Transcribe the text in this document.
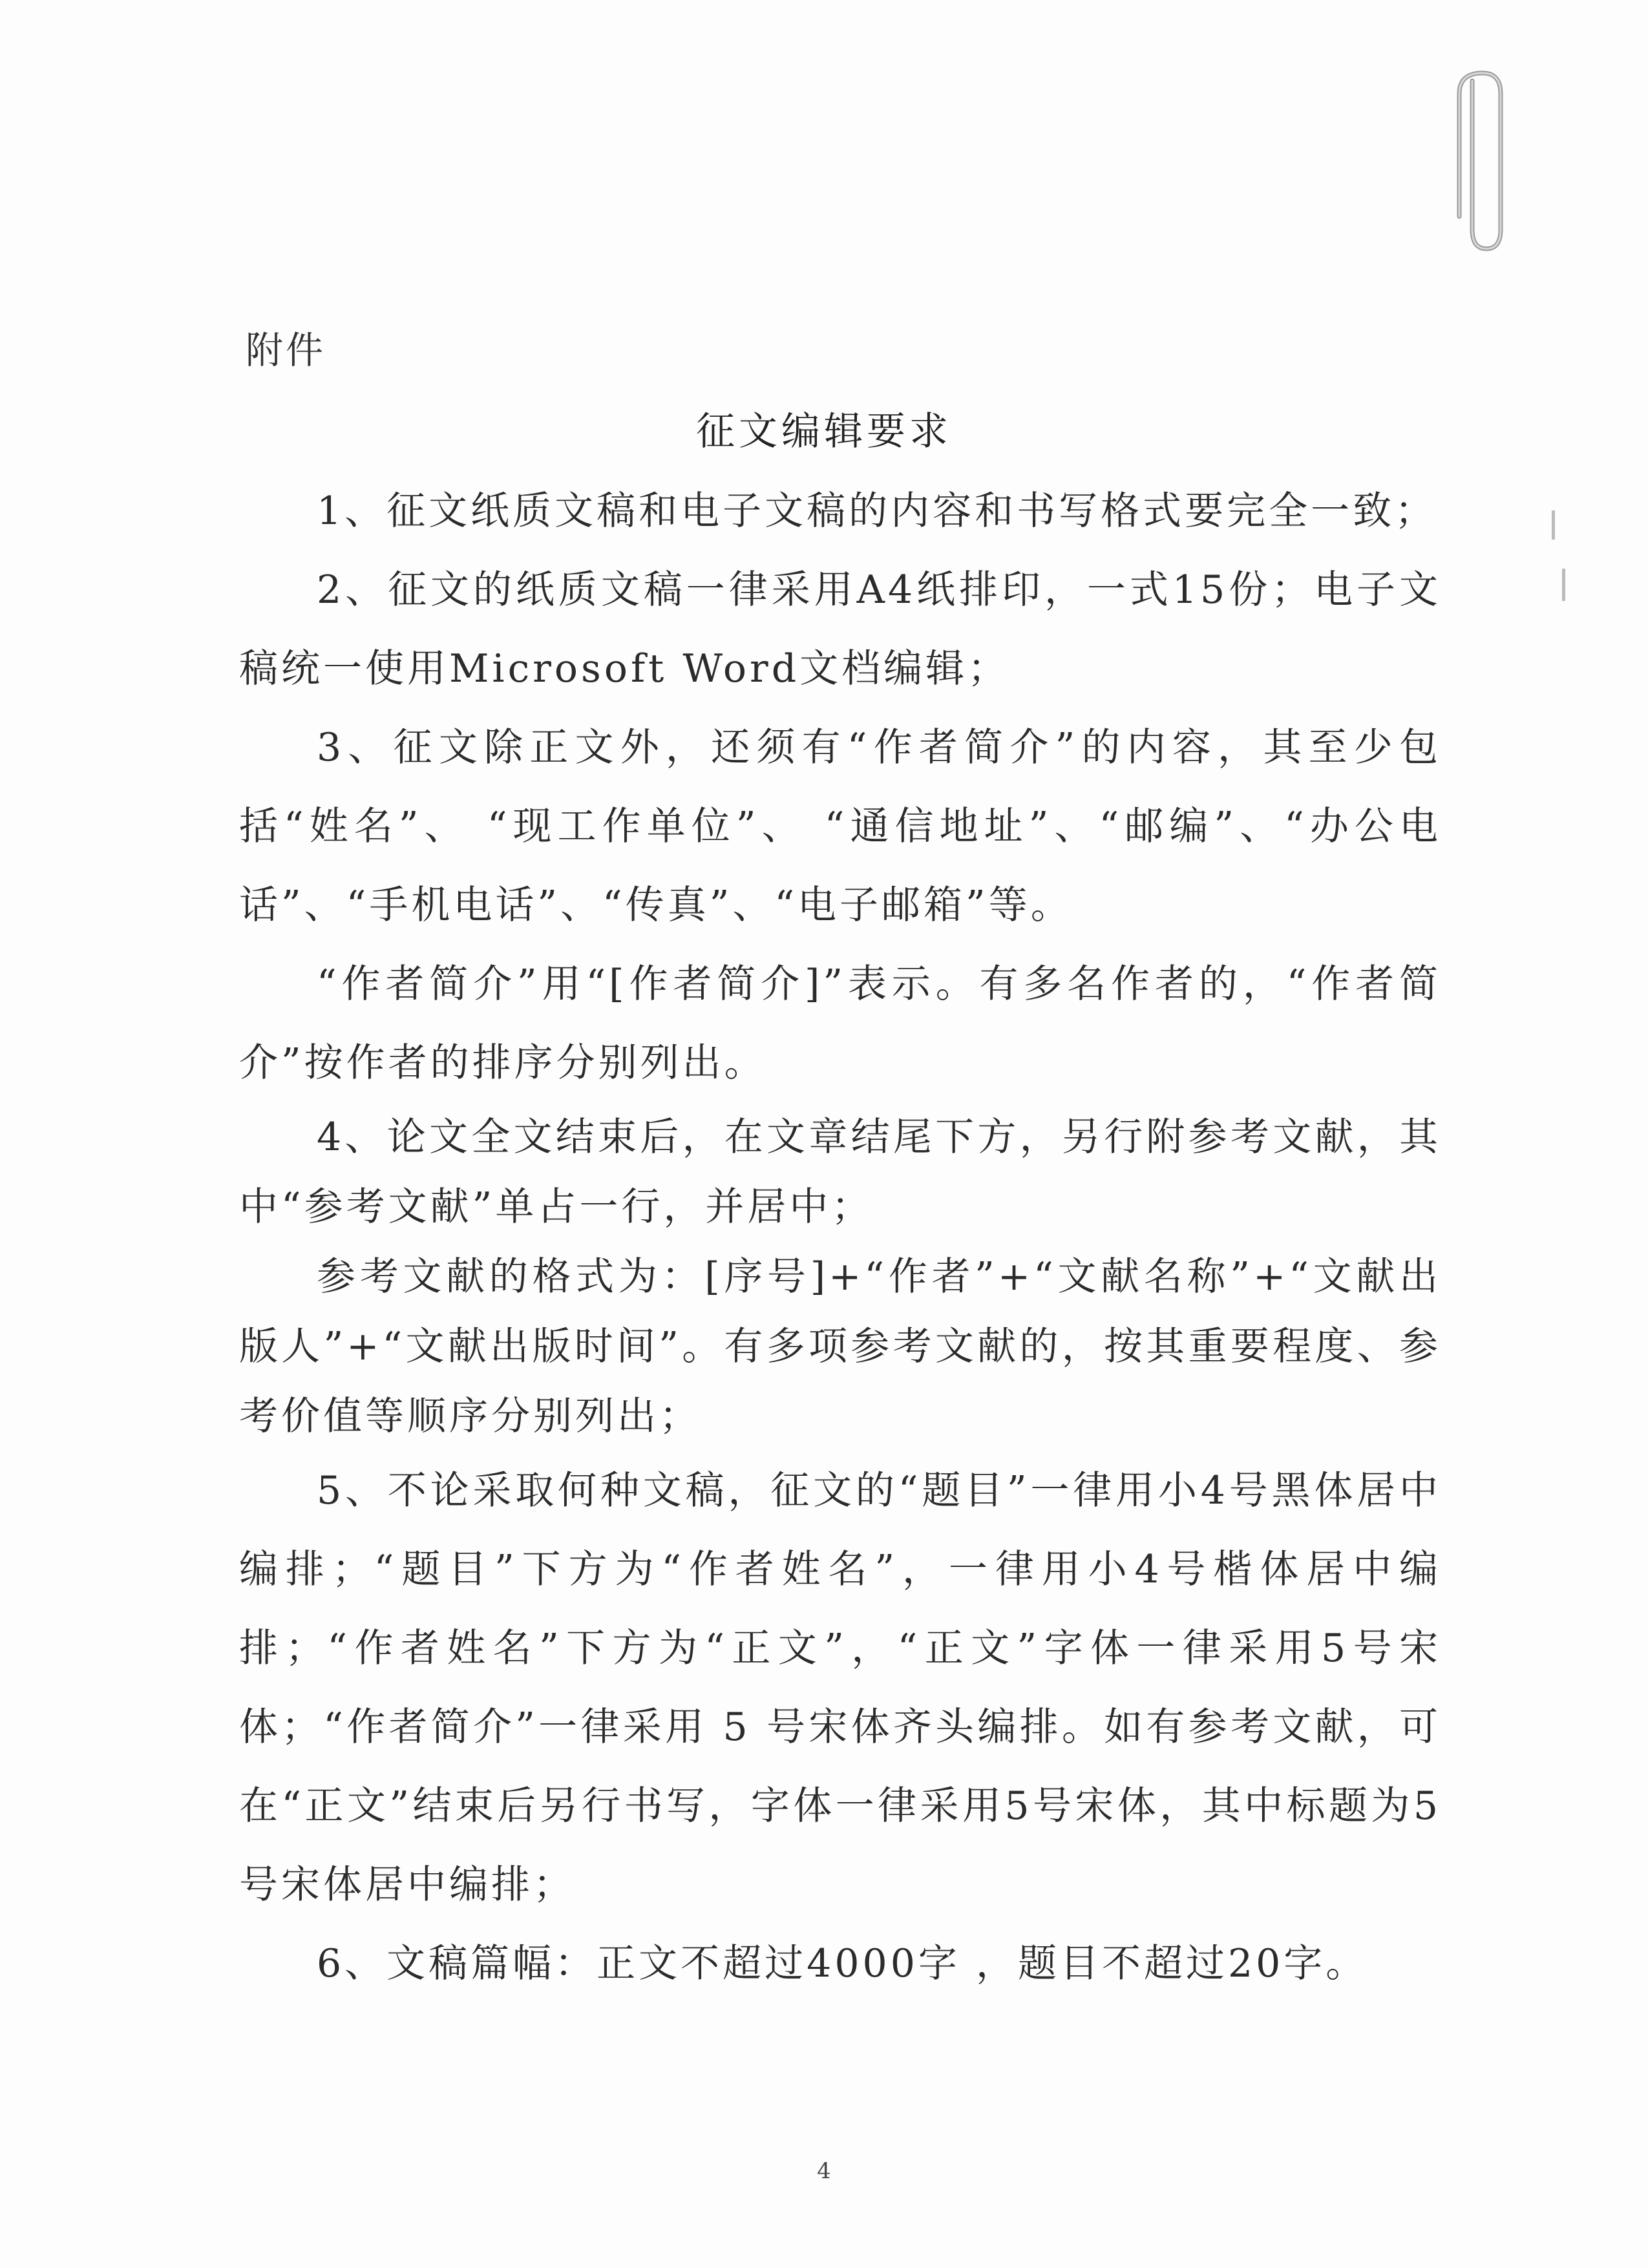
附件
征文编辑要求

1、征文纸质文稿和电子文稿的内容和书写格式要完全一致；

2、征文的纸质文稿一律采用A4纸排印，一式15份；电子文稿统一使用Microsoft Word文档编辑；

3、征文除正文外，还须有“作者简介”的内容，其至少包括“姓名”、 “现工作单位”、 “通信地址”、“邮编”、“办公电话”、“手机电话”、“传真”、“电子邮箱”等。

“作者简介”用“[作者简介]”表示。有多名作者的，“作者简介”按作者的排序分别列出。

4、论文全文结束后，在文章结尾下方，另行附参考文献，其中“参考文献”单占一行，并居中；

参考文献的格式为：[序号]+“作者”+“文献名称”+“文献出版人”+“文献出版时间”。有多项参考文献的，按其重要程度、参考价值等顺序分别列出；

5、不论采取何种文稿，征文的“题目”一律用小4号黑体居中编排；“题目”下方为“作者姓名”，一律用小4号楷体居中编排；“作者姓名”下方为“正文”，“正文”字体一律采用5号宋体；“作者简介”一律采用 5 号宋体齐头编排。如有参考文献，可在“正文”结束后另行书写，字体一律采用5号宋体，其中标题为5号宋体居中编排；

6、文稿篇幅：正文不超过4000字 ，题目不超过20字。

4
